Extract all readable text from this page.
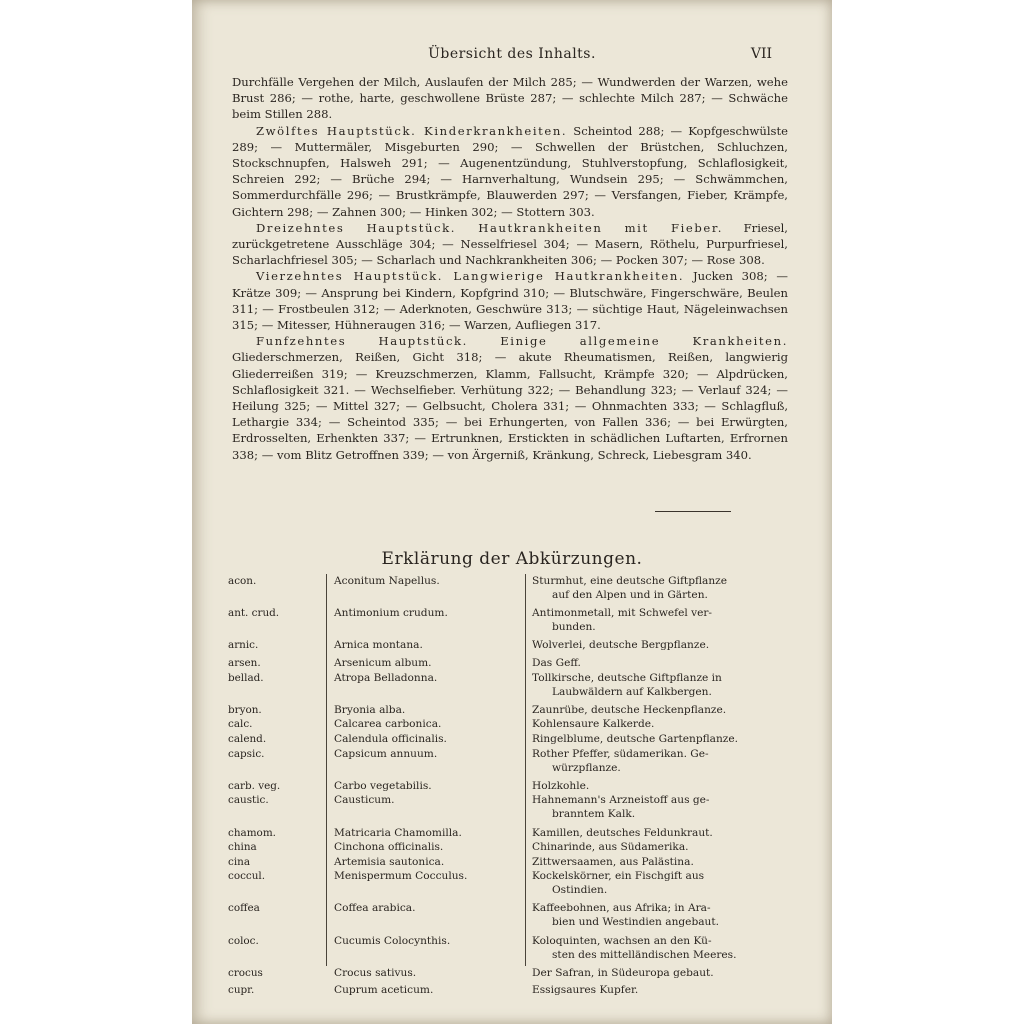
Übersicht des Inhalts.	VII

Durchfälle Vergehen der Milch, Auslaufen der Milch 285; — Wundwerden der Warzen, wehe Brust 286; — rothe, harte, geschwollene Brüste 287; — schlechte Milch 287; — Schwäche beim Stillen 288.

Zwölftes Hauptstück. Kinderkrankheiten. Scheintod 288; — Kopfgeschwülste 289; — Muttermäler, Misgeburten 290; — Schwellen der Brüstchen, Schluchzen, Stockschnupfen, Halsweh 291; — Augenentzündung, Stuhlverstopfung, Schlaflosigkeit, Schreien 292; — Brüche 294; — Harnverhaltung, Wundsein 295; — Schwämmchen, Sommerdurchfälle 296; — Brustkrämpfe, Blauwerden 297; — Versfangen, Fieber, Krämpfe, Gichtern 298; — Zahnen 300; — Hinken 302; — Stottern 303.

Dreizehntes Hauptstück. Hautkrankheiten mit Fieber. Friesel, zurückgetretene Ausschläge 304; — Nesselfriesel 304; — Masern, Röthelu, Purpurfriesel, Scharlachfriesel 305; — Scharlach und Nachkrankheiten 306; — Pocken 307; — Rose 308.

Vierzehntes Hauptstück. Langwierige Hautkrankheiten. Jucken 308; — Krätze 309; — Ansprung bei Kindern, Kopfgrind 310; — Blutschwäre, Fingerschwäre, Beulen 311; — Frostbeulen 312; — Aderknoten, Geschwüre 313; — süchtige Haut, Nägeleinwachsen 315; — Mitesser, Hühneraugen 316; — Warzen, Aufliegen 317.

Funfzehntes Hauptstück. Einige allgemeine Krankheiten. Gliederschmerzen, Reißen, Gicht 318; — akute Rheumatismen, Reißen, langwierig Gliederreißen 319; — Kreuzschmerzen, Klamm, Fallsucht, Krämpfe 320; — Alpdrücken, Schlaflosigkeit 321. — Wechselfieber. Verhütung 322; — Behandlung 323; — Verlauf 324; — Heilung 325; — Mittel 327; — Gelbsucht, Cholera 331; — Ohnmachten 333; — Schlagfluß, Lethargie 334; — Scheintod 335; — bei Erhungerten, von Fallen 336; — bei Erwürgten, Erdrosselten, Erhenkten 337; — Ertrunknen, Erstickten in schädlichen Luftarten, Erfrornen 338; — vom Blitz Getroffnen 339; — von Ärgerniß, Kränkung, Schreck, Liebesgram 340.

Erklärung der Abkürzungen.
acon.	Aconitum Napellus.	Sturmhut, eine deutsche Giftpflanze
auf den Alpen und in Gärten.
ant. crud.	Antimonium crudum.	Antimonmetall, mit Schwefel ver-
bunden.
arnic.	Arnica montana.	Wolverlei, deutsche Bergpflanze.
arsen.	Arsenicum album.	Das Geff.
bellad.	Atropa Belladonna.	Tollkirsche, deutsche Giftpflanze in
Laubwäldern auf Kalkbergen.
bryon.	Bryonia alba.	Zaunrübe, deutsche Heckenpflanze.
calc.	Calcarea carbonica.	Kohlensaure Kalkerde.
calend.	Calendula officinalis.	Ringelblume, deutsche Gartenpflanze.
capsic.	Capsicum annuum.	Rother Pfeffer, südamerikan. Ge-
würzpflanze.
carb. veg.	Carbo vegetabilis.	Holzkohle.
caustic.	Causticum.	Hahnemann's Arzneistoff aus ge-
branntem Kalk.
chamom.	Matricaria Chamomilla.	Kamillen, deutsches Feldunkraut.
china	Cinchona officinalis.	Chinarinde, aus Südamerika.
cina	Artemisia sautonica.	Zittwersaamen, aus Palästina.
coccul.	Menispermum Cocculus.	Kockelskörner, ein Fischgift aus
Ostindien.
coffea	Coffea arabica.	Kaffeebohnen, aus Afrika; in Ara-
bien und Westindien angebaut.
coloc.	Cucumis Colocynthis.	Koloquinten, wachsen an den Kü-
sten des mittelländischen Meeres.
crocus	Crocus sativus.	Der Safran, in Südeuropa gebaut.
cupr.	Cuprum aceticum.	Essigsaures Kupfer.
